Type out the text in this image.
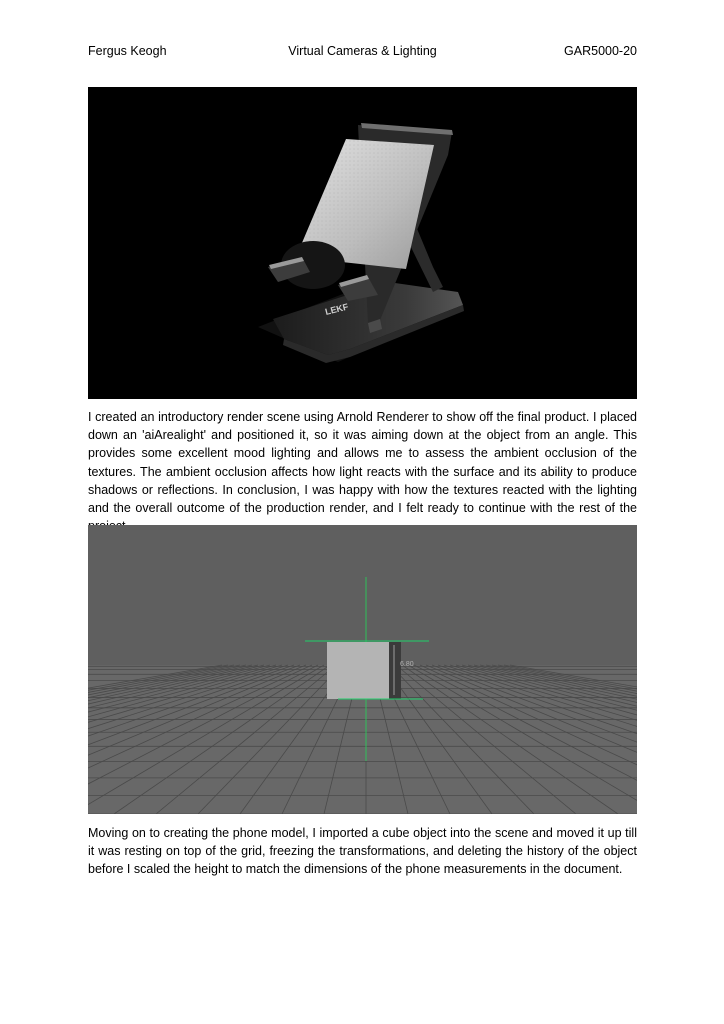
Fergus Keogh	Virtual Cameras & Lighting	GAR5000-20
LEKF

I created an introductory render scene using Arnold Renderer to show off the final product. I placed down an 'aiArealight' and positioned it, so it was aiming down at the object from an angle. This provides some excellent mood lighting and allows me to assess the ambient occlusion of the textures. The ambient occlusion affects how light reacts with the surface and its ability to produce shadows or reflections. In conclusion, I was happy with how the textures reacted with the lighting and the overall outcome of the production render, and I felt ready to continue with the rest of the

6.80

Moving on to creating the phone model, I imported a cube object into the scene and moved it up till it was resting on top of the grid, freezing the transformations, and deleting the history of the object before I scaled the height to match the dimensions of the phone measurements in the document.
